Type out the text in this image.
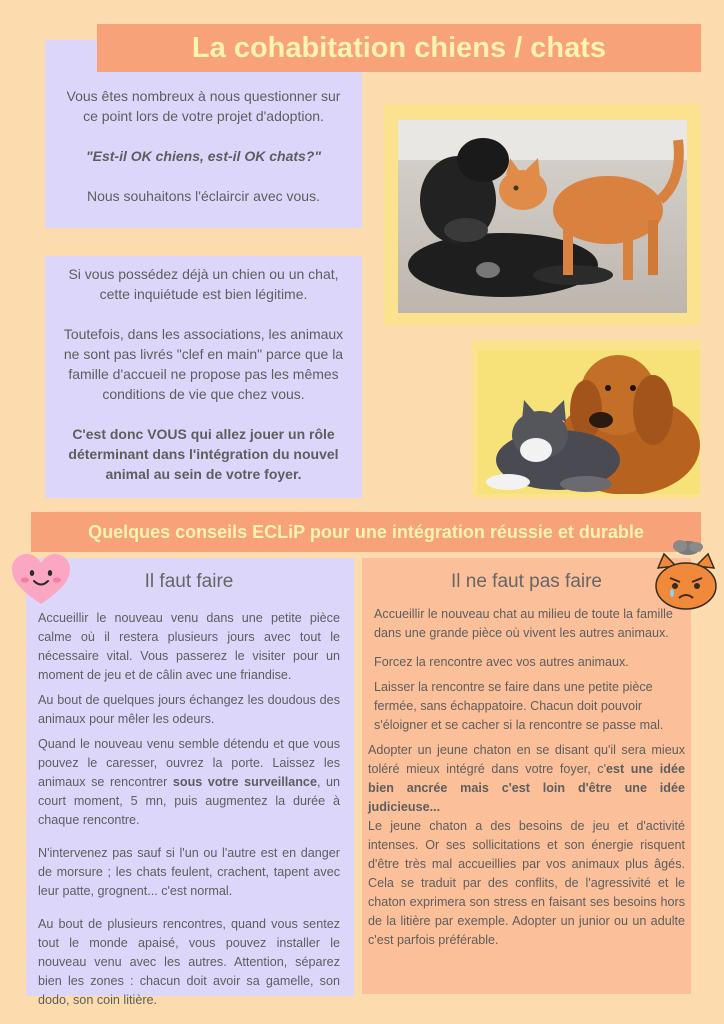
La cohabitation chiens / chats

Vous êtes nombreux à nous questionner sur ce point lors de votre projet d'adoption.

"Est-il OK chiens, est-il OK chats?"

Nous souhaitons l'éclaircir avec vous.

Si vous possédez déjà un chien ou un chat, cette inquiétude est bien légitime.

Toutefois, dans les associations, les animaux ne sont pas livrés "clef en main" parce que la famille d'accueil ne propose pas les mêmes conditions de vie que chez vous.

C'est donc VOUS qui allez jouer un rôle déterminant dans l'intégration du nouvel animal au sein de votre foyer.

Quelques conseils ECLiP pour une intégration réussie et durable
Il faut faire

Accueillir le nouveau venu dans une petite pièce calme où il restera plusieurs jours avec tout le nécessaire vital. Vous passerez le visiter pour un moment de jeu et de câlin avec une friandise.

Au bout de quelques jours échangez les doudous des animaux pour mêler les odeurs.

Quand le nouveau venu semble détendu et que vous pouvez le caresser, ouvrez la porte. Laissez les animaux se rencontrer sous votre surveillance, un court moment, 5 mn, puis augmentez la durée à chaque rencontre.

N'intervenez pas sauf si l'un ou l'autre est en danger de morsure ; les chats feulent, crachent, tapent avec leur patte, grognent... c'est normal.

Au bout de plusieurs rencontres, quand vous sentez tout le monde apaisé, vous pouvez installer le nouveau venu avec les autres. Attention, séparez bien les zones : chacun doit avoir sa gamelle, son dodo, son coin litière.

Il ne faut pas faire

Accueillir le nouveau chat au milieu de toute la famille dans une grande pièce où vivent les autres animaux.

Forcez la rencontre avec vos autres animaux.

Laisser la rencontre se faire dans une petite pièce fermée, sans échappatoire. Chacun doit pouvoir s'éloigner et se cacher si la rencontre se passe mal.

Adopter un jeune chaton en se disant qu'il sera mieux toléré mieux intégré dans votre foyer, c'est une idée bien ancrée mais c'est loin d'être une idée judicieuse...

Le jeune chaton a des besoins de jeu et d'activité intenses. Or ses sollicitations et son énergie risquent d'être très mal accueillies par vos animaux plus âgés. Cela se traduit par des conflits, de l'agressivité et le chaton exprimera son stress en faisant ses besoins hors de la litière par exemple. Adopter un junior ou un adulte c'est parfois préférable.
